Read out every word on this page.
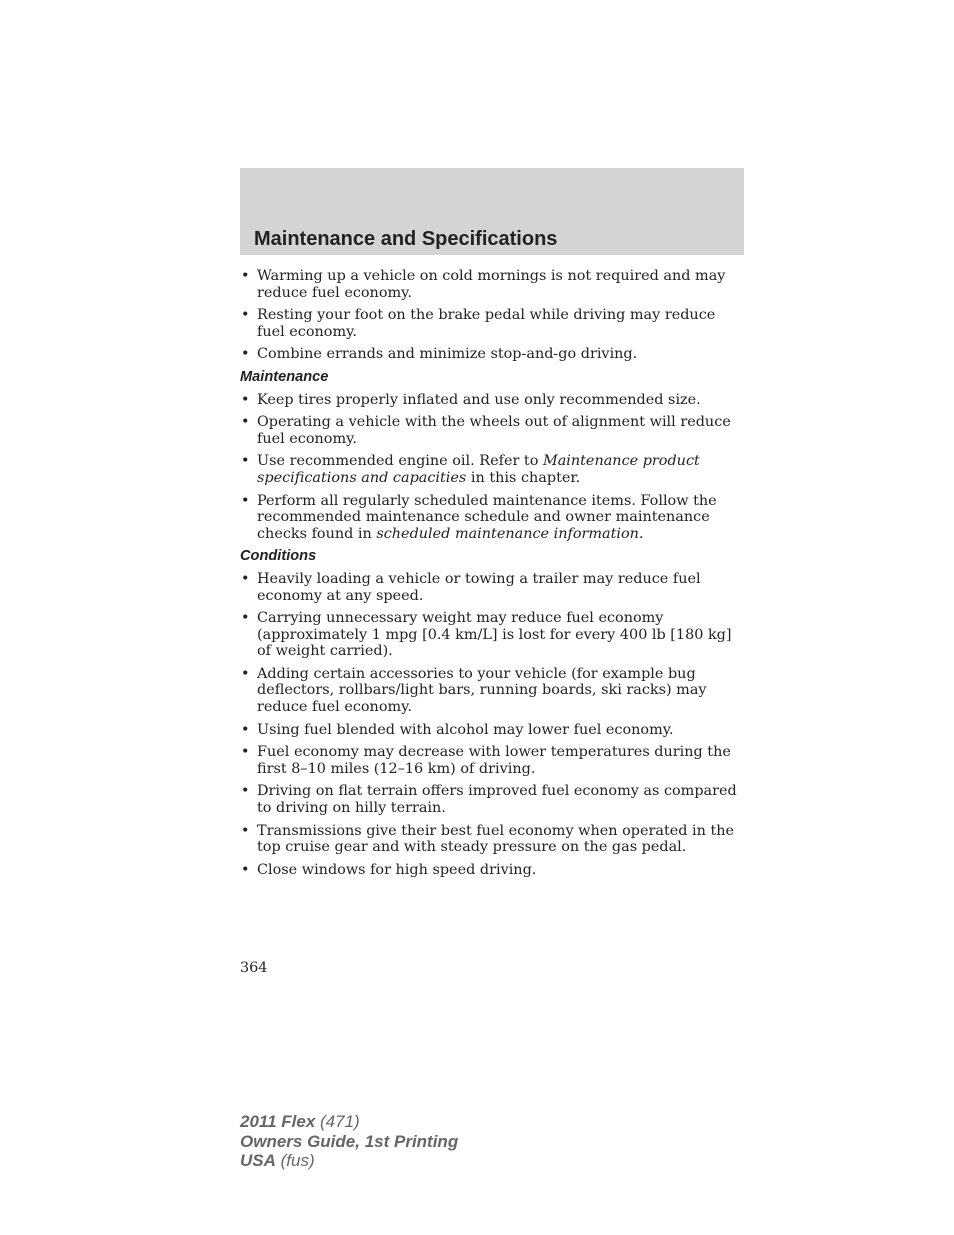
Maintenance and Specifications
• Warming up a vehicle on cold mornings is not required and may reduce fuel economy.
• Resting your foot on the brake pedal while driving may reduce fuel economy.
• Combine errands and minimize stop-and-go driving.
Maintenance
• Keep tires properly inflated and use only recommended size.
• Operating a vehicle with the wheels out of alignment will reduce fuel economy.
• Use recommended engine oil. Refer to Maintenance product specifications and capacities in this chapter.
• Perform all regularly scheduled maintenance items. Follow the recommended maintenance schedule and owner maintenance checks found in scheduled maintenance information.
Conditions
• Heavily loading a vehicle or towing a trailer may reduce fuel economy at any speed.
• Carrying unnecessary weight may reduce fuel economy (approximately 1 mpg [0.4 km/L] is lost for every 400 lb [180 kg] of weight carried).
• Adding certain accessories to your vehicle (for example bug deflectors, rollbars/light bars, running boards, ski racks) may reduce fuel economy.
• Using fuel blended with alcohol may lower fuel economy.
• Fuel economy may decrease with lower temperatures during the first 8–10 miles (12–16 km) of driving.
• Driving on flat terrain offers improved fuel economy as compared to driving on hilly terrain.
• Transmissions give their best fuel economy when operated in the top cruise gear and with steady pressure on the gas pedal.
• Close windows for high speed driving.
364
2011 Flex (471)
Owners Guide, 1st Printing
USA (fus)
